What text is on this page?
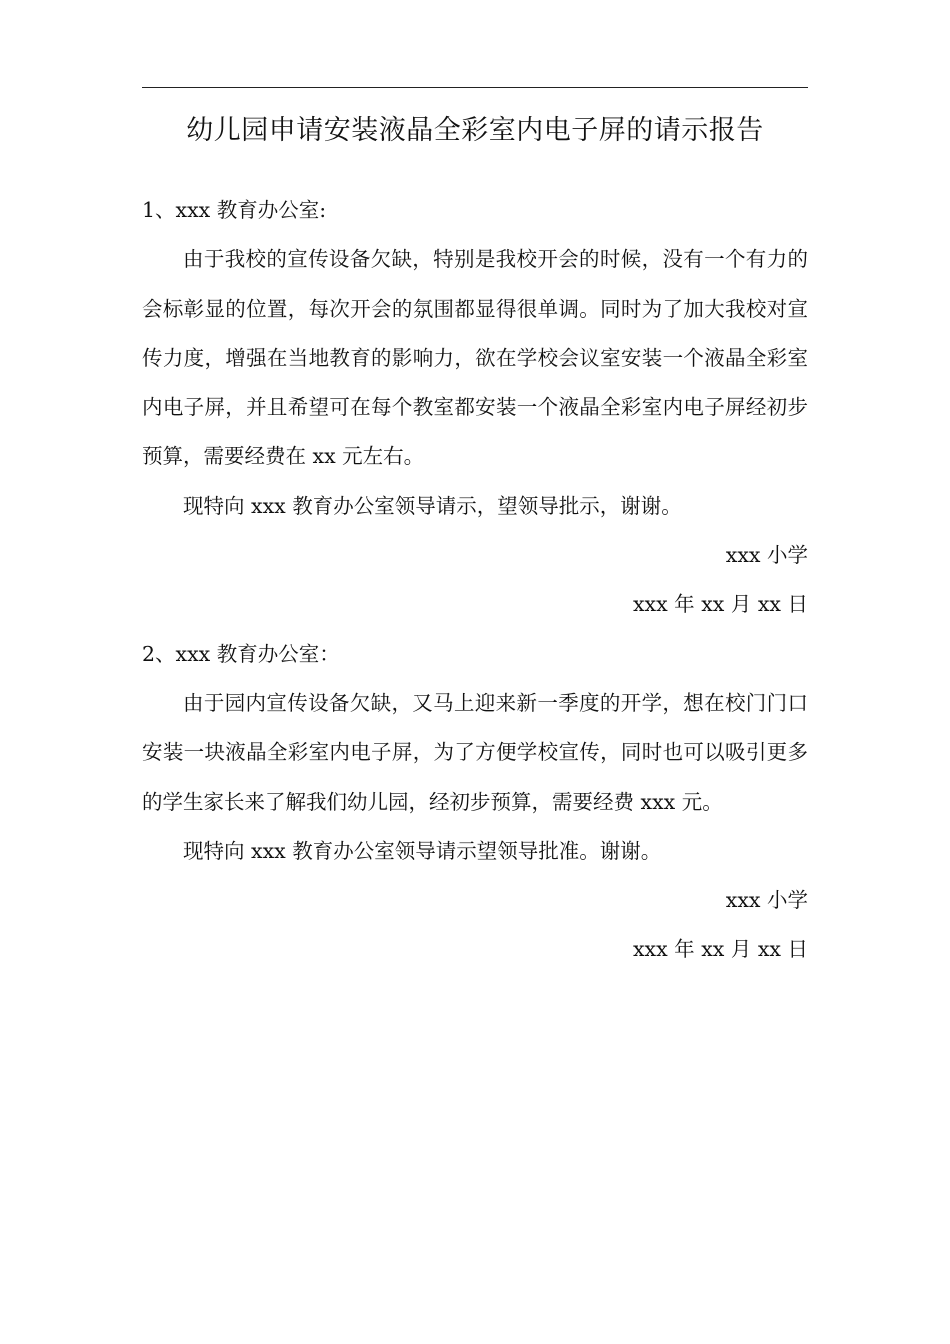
幼儿园申请安装液晶全彩室内电子屏的请示报告

1、xxx 教育办公室:

由于我校的宣传设备欠缺，特别是我校开会的时候，没有一个有力的会标彰显的位置，每次开会的氛围都显得很单调。同时为了加大我校对宣传力度，增强在当地教育的影响力，欲在学校会议室安装一个液晶全彩室内电子屏，并且希望可在每个教室都安装一个液晶全彩室内电子屏经初步预算，需要经费在 xx 元左右。

现特向 xxx 教育办公室领导请示，望领导批示，谢谢。

xxx 小学

xxx 年 xx 月 xx 日

2、xxx 教育办公室：

由于园内宣传设备欠缺，又马上迎来新一季度的开学，想在校门门口安装一块液晶全彩室内电子屏，为了方便学校宣传，同时也可以吸引更多的学生家长来了解我们幼儿园，经初步预算，需要经费 xxx 元。

现特向 xxx 教育办公室领导请示望领导批准。谢谢。

xxx 小学

xxx 年 xx 月 xx 日
